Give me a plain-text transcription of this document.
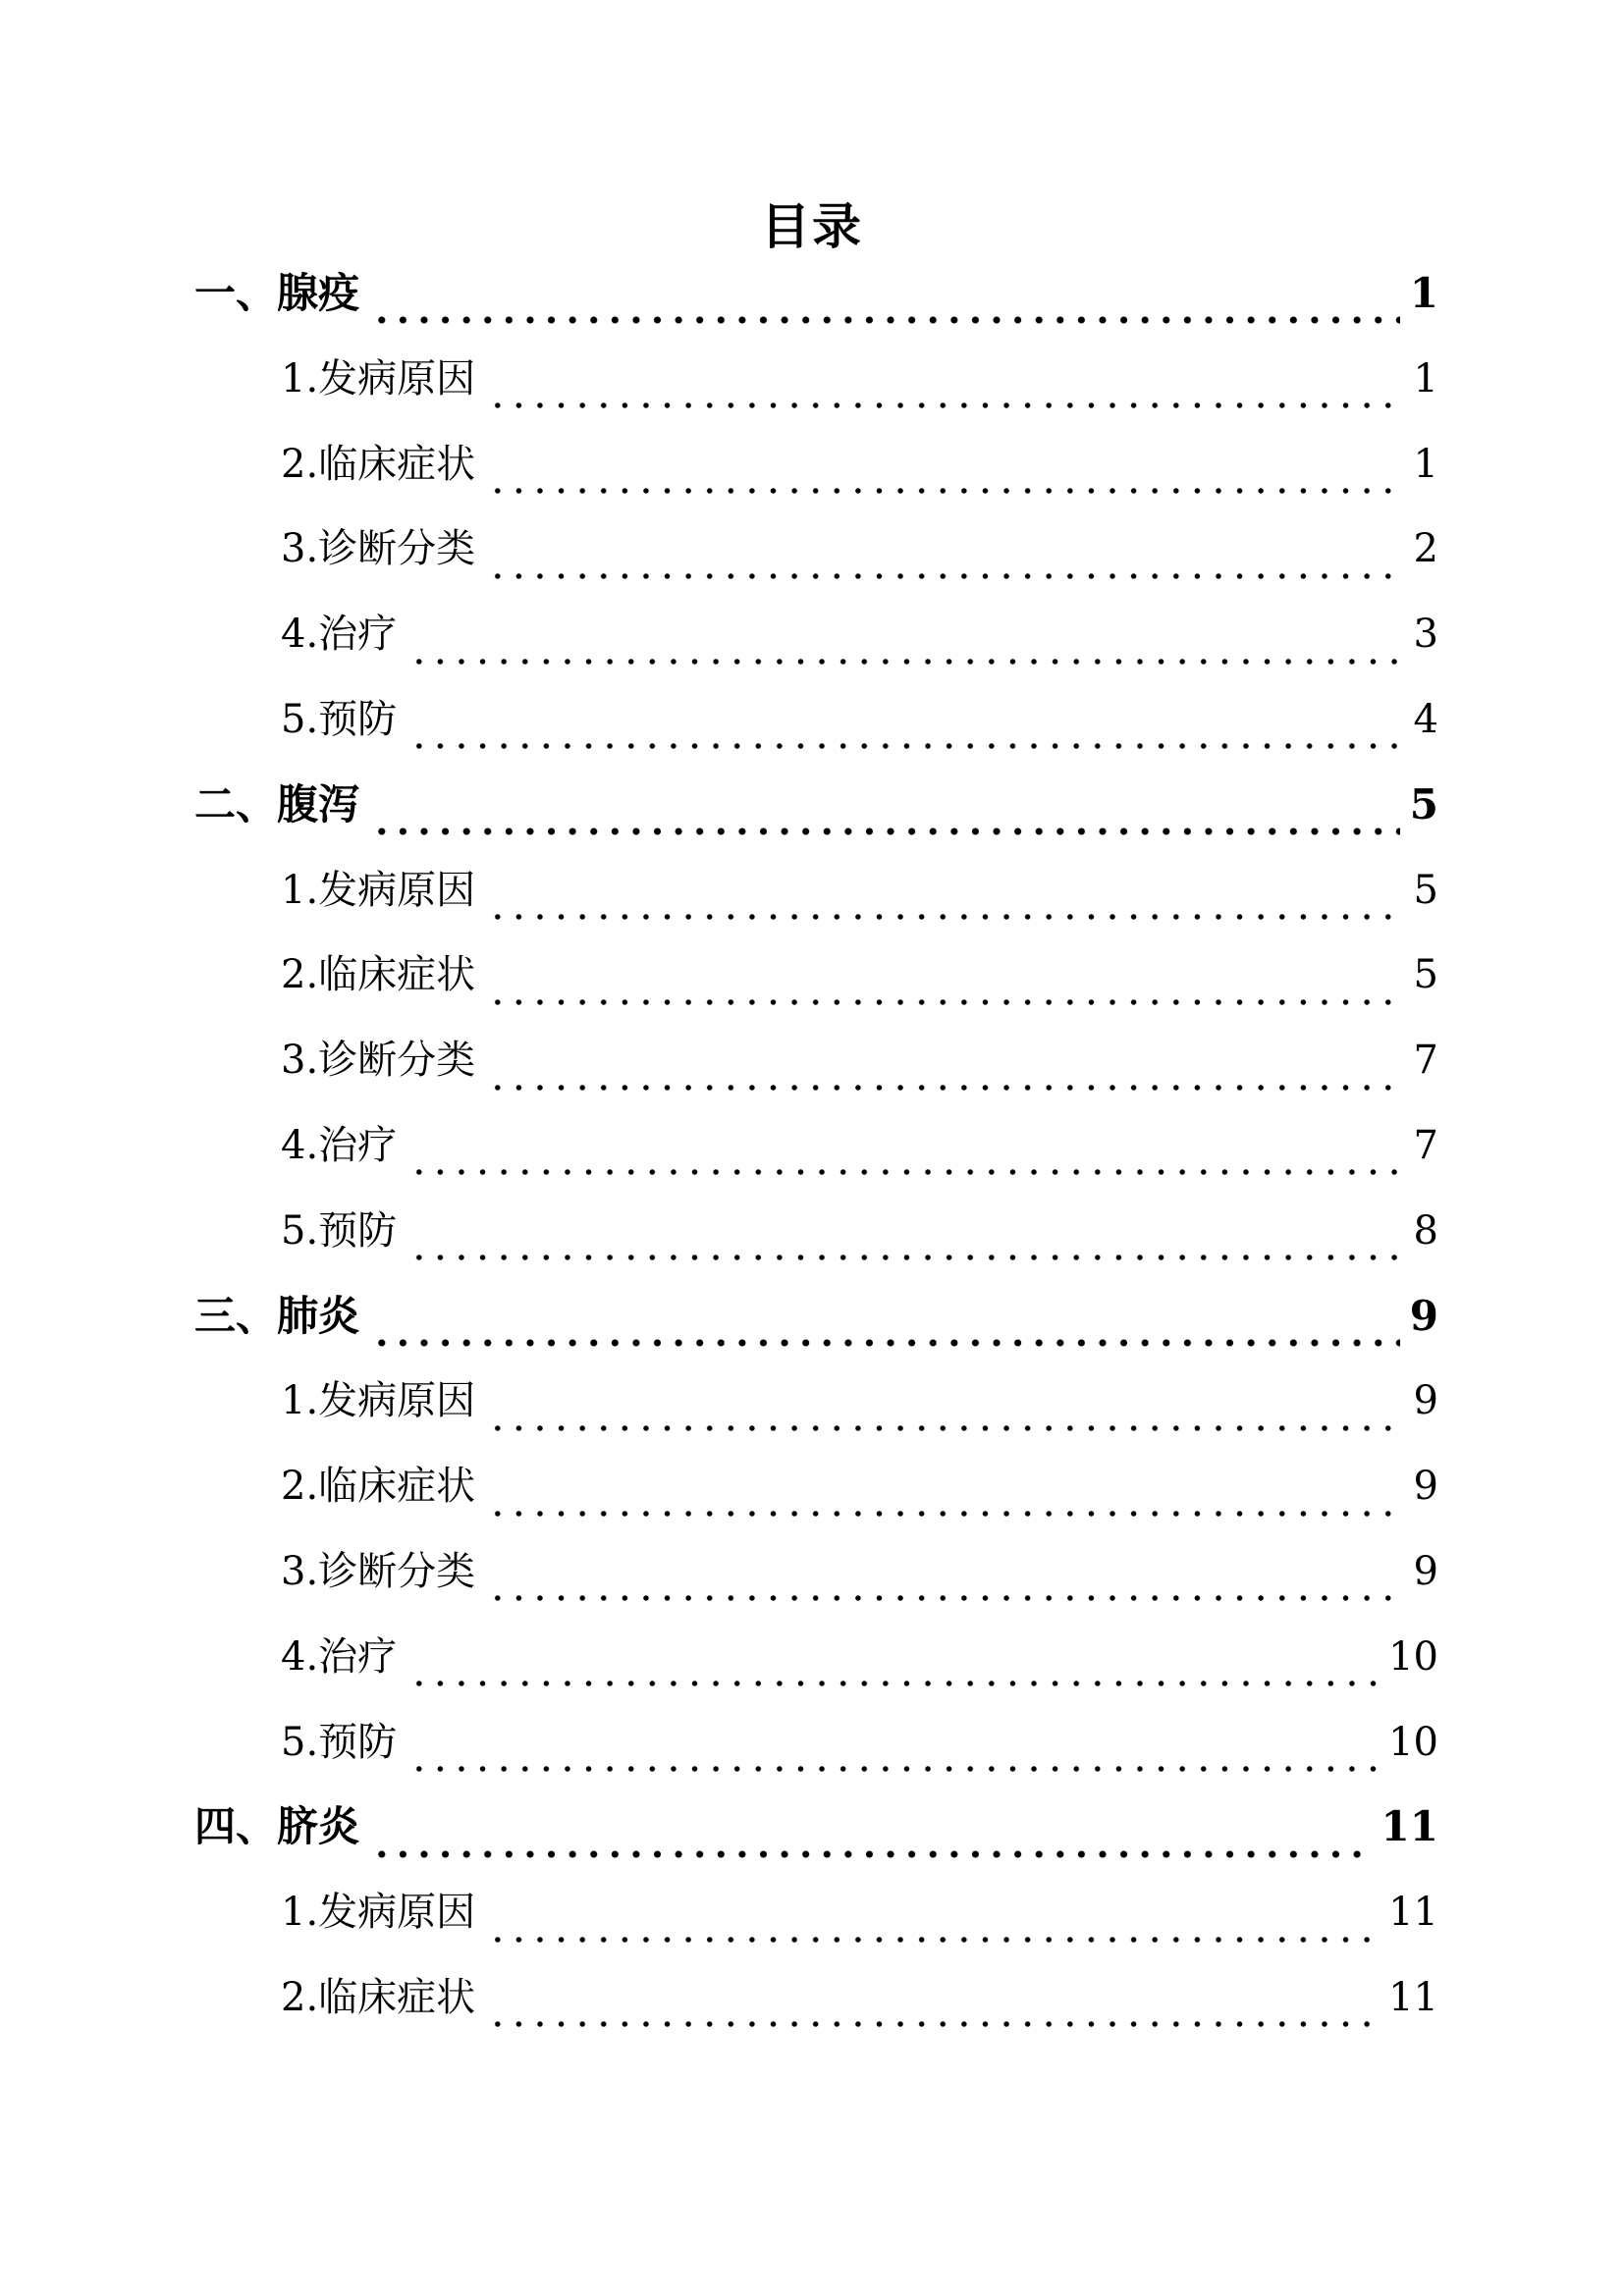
目录
一、腺疫	1
1.发病原因	1
2.临床症状	1
3.诊断分类	2
4.治疗	3
5.预防	4
二、腹泻	5
1.发病原因	5
2.临床症状	5
3.诊断分类	7
4.治疗	7
5.预防	8
三、肺炎	9
1.发病原因	9
2.临床症状	9
3.诊断分类	9
4.治疗	10
5.预防	10
四、脐炎	11
1.发病原因	11
2.临床症状	11
